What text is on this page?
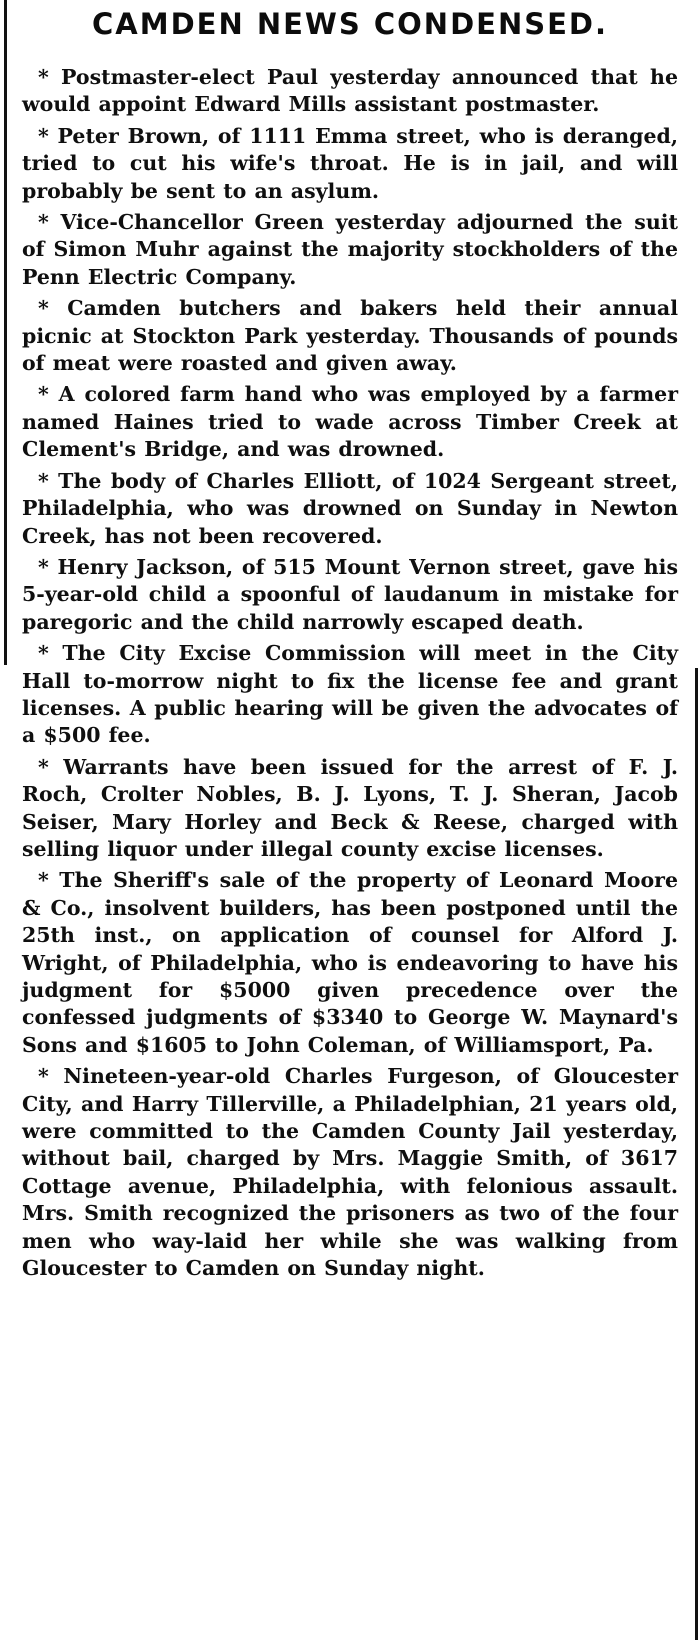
CAMDEN NEWS CONDENSED.

* Postmaster-elect Paul yesterday announced that he would appoint Edward Mills assistant postmaster.

* Peter Brown, of 1111 Emma street, who is deranged, tried to cut his wife's throat. He is in jail, and will probably be sent to an asylum.

* Vice-Chancellor Green yesterday adjourned the suit of Simon Muhr against the majority stockholders of the Penn Electric Company.

* Camden butchers and bakers held their annual picnic at Stockton Park yesterday. Thousands of pounds of meat were roasted and given away.

* A colored farm hand who was employed by a farmer named Haines tried to wade across Timber Creek at Clement's Bridge, and was drowned.

* The body of Charles Elliott, of 1024 Sergeant street, Philadelphia, who was drowned on Sunday in Newton Creek, has not been recovered.

* Henry Jackson, of 515 Mount Vernon street, gave his 5-year-old child a spoonful of laudanum in mistake for paregoric and the child narrowly escaped death.

* The City Excise Commission will meet in the City Hall to-morrow night to fix the license fee and grant licenses. A public hearing will be given the advocates of a $500 fee.

* Warrants have been issued for the arrest of F. J. Roch, Crolter Nobles, B. J. Lyons, T. J. Sheran, Jacob Seiser, Mary Horley and Beck & Reese, charged with selling liquor under illegal county excise licenses.

* The Sheriff's sale of the property of Leonard Moore & Co., insolvent builders, has been postponed until the 25th inst., on application of counsel for Alford J. Wright, of Philadelphia, who is endeavoring to have his judgment for $5000 given precedence over the confessed judgments of $3340 to George W. Maynard's Sons and $1605 to John Coleman, of Williamsport, Pa.

* Nineteen-year-old Charles Furgeson, of Gloucester City, and Harry Tillerville, a Philadelphian, 21 years old, were committed to the Camden County Jail yesterday, without bail, charged by Mrs. Maggie Smith, of 3617 Cottage avenue, Philadelphia, with felonious assault. Mrs. Smith recognized the prisoners as two of the four men who way-laid her while she was walking from Gloucester to Camden on Sunday night.
